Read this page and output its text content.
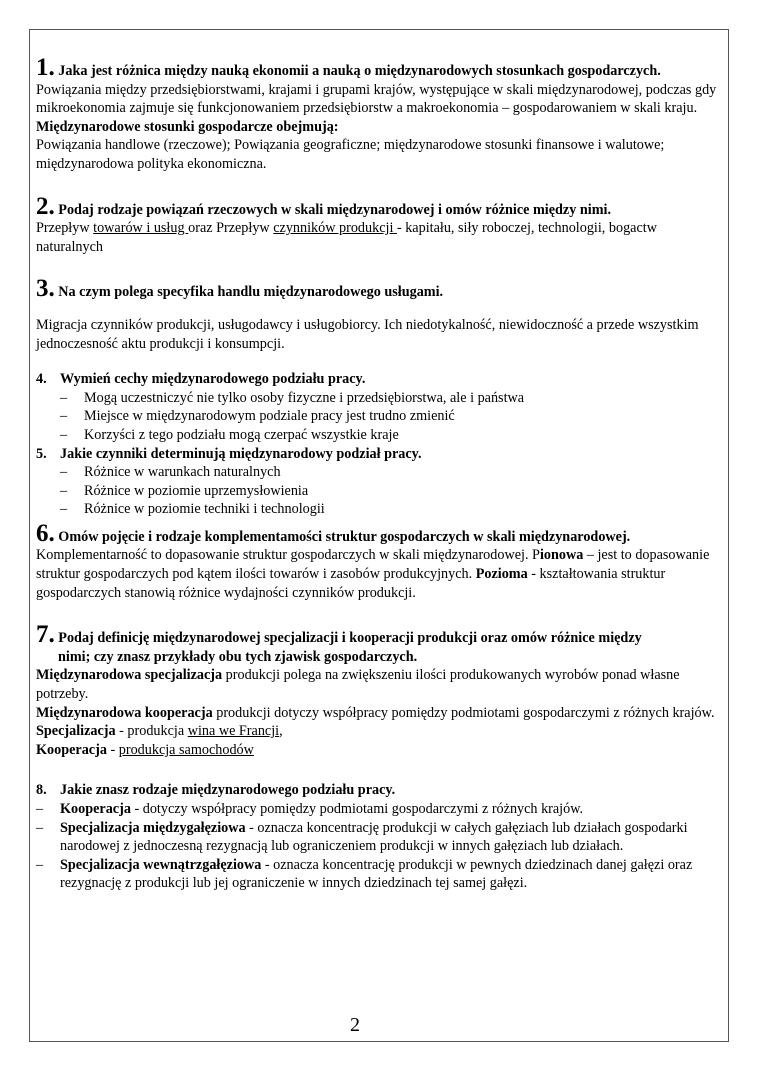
1. Jaka jest różnica między nauką ekonomii a nauką o międzynarodowych stosunkach gospodarczych.

Powiązania między przedsiębiorstwami, krajami i grupami krajów, występujące w skali międzynarodowej, podczas gdy mikroekonomia zajmuje się funkcjonowaniem przedsiębiorstw a makroekonomia – gospodarowaniem w skali kraju.

Międzynarodowe stosunki gospodarcze obejmują:

Powiązania handlowe (rzeczowe); Powiązania geograficzne; międzynarodowe stosunki finansowe i walutowe; międzynarodowa polityka ekonomiczna.

2. Podaj rodzaje powiązań rzeczowych w skali międzynarodowej i omów różnice między nimi.

Przepływ towarów i usług oraz Przepływ czynników produkcji - kapitału, siły roboczej, technologii, bogactw naturalnych

3. Na czym polega specyfika handlu międzynarodowego usługami.

Migracja czynników produkcji, usługodawcy i usługobiorcy. Ich niedotykalność, niewidoczność a przede wszystkim jednoczesność aktu produkcji i konsumpcji.

4. Wymień cechy międzynarodowego podziału pracy.

– Mogą uczestniczyć nie tylko osoby fizyczne i przedsiębiorstwa, ale i państwa
– Miejsce w międzynarodowym podziale pracy jest trudno zmienić
– Korzyści z tego podziału mogą czerpać wszystkie kraje

5. Jakie czynniki determinują międzynarodowy podział pracy.

– Różnice w warunkach naturalnych
– Różnice w poziomie uprzemysłowienia
– Różnice w poziomie techniki i technologii

6. Omów pojęcie i rodzaje komplementamości struktur gospodarczych w skali międzynarodowej.

Komplementarność to dopasowanie struktur gospodarczych w skali międzynarodowej. Pionowa – jest to dopasowanie struktur gospodarczych pod kątem ilości towarów i zasobów produkcyjnych. Pozioma - kształtowania struktur gospodarczych stanowią różnice wydajności czynników produkcji.

7. Podaj definicję międzynarodowej specjalizacji i kooperacji produkcji oraz omów różnice między

nimi; czy znasz przykłady obu tych zjawisk gospodarczych.

Międzynarodowa specjalizacja produkcji polega na zwiększeniu ilości produkowanych wyrobów ponad własne potrzeby.

Międzynarodowa kooperacja produkcji dotyczy współpracy pomiędzy podmiotami gospodarczymi z różnych krajów.

Specjalizacja - produkcja wina we Francji,

Kooperacja - produkcja samochodów

8. Jakie znasz rodzaje międzynarodowego podziału pracy.

– Kooperacja - dotyczy współpracy pomiędzy podmiotami gospodarczymi z różnych krajów.
– Specjalizacja międzygałęziowa - oznacza koncentrację produkcji w całych gałęziach lub działach gospodarki narodowej z jednoczesną rezygnacją lub ograniczeniem produkcji w innych gałęziach lub działach.
– Specjalizacja wewnątrzgałęziowa - oznacza koncentrację produkcji w pewnych dziedzinach danej gałęzi oraz rezygnację z produkcji lub jej ograniczenie w innych dziedzinach tej samej gałęzi.
2
